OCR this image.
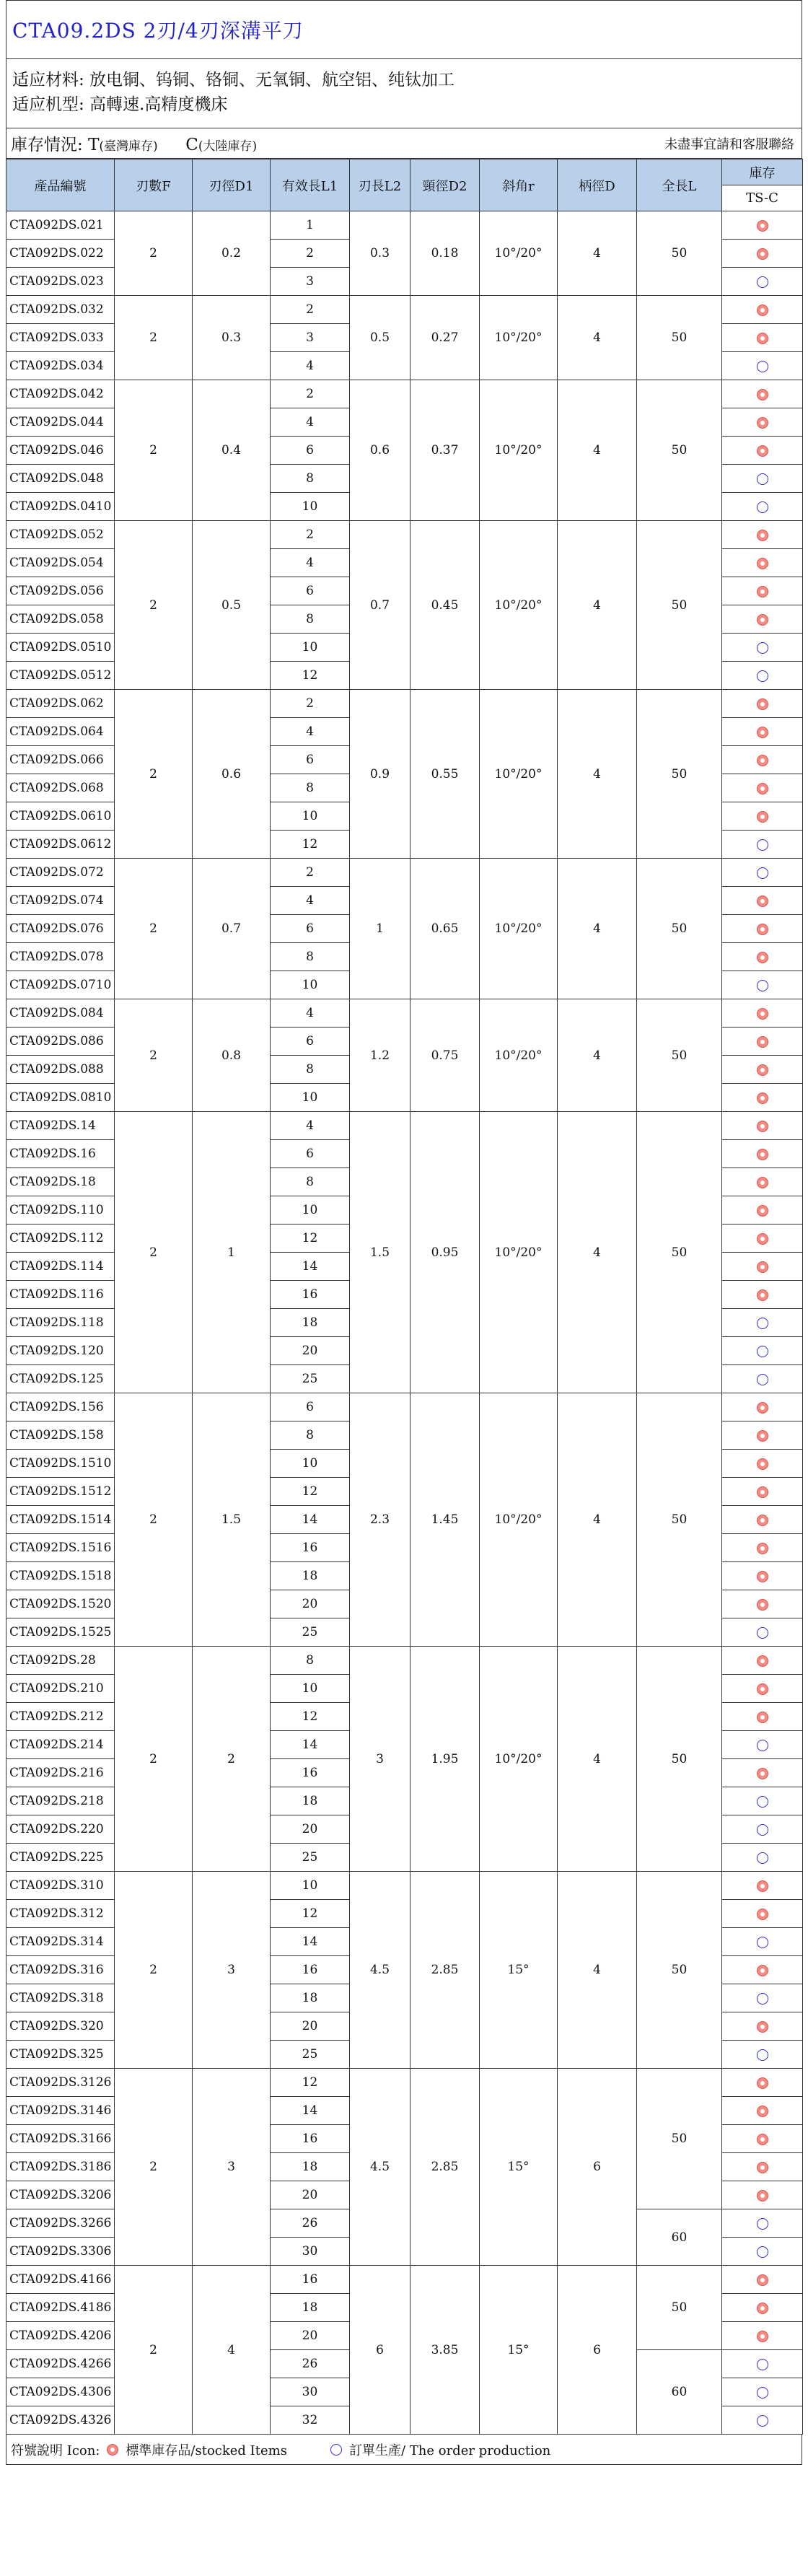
CTA09.2DS 2刃/4刃深溝平刀
适应材料: 放电铜、钨铜、铬铜、无氧铜、航空铝、纯钛加工
适应机型: 高轉速.高精度機床
庫存情況: T(臺灣庫存) C(大陸庫存)	未盡事宜請和客服聯絡
產品編號	刃數F	刃徑D1	有效長L1	刃長L2	頸徑D2	斜角r	柄徑D	全長L	庫存
									TS-C
CTA092DS.021	2	0.2	1	0.3	0.18	10°/20°	4	50	
CTA092DS.022			2						
CTA092DS.023			3						
CTA092DS.032	2	0.3	2	0.5	0.27	10°/20°	4	50	
CTA092DS.033			3						
CTA092DS.034			4						
CTA092DS.042	2	0.4	2	0.6	0.37	10°/20°	4	50	
CTA092DS.044			4						
CTA092DS.046			6						
CTA092DS.048			8						
CTA092DS.0410			10						
CTA092DS.052	2	0.5	2	0.7	0.45	10°/20°	4	50	
CTA092DS.054			4						
CTA092DS.056			6						
CTA092DS.058			8						
CTA092DS.0510			10						
CTA092DS.0512			12						
CTA092DS.062	2	0.6	2	0.9	0.55	10°/20°	4	50	
CTA092DS.064			4						
CTA092DS.066			6						
CTA092DS.068			8						
CTA092DS.0610			10						
CTA092DS.0612			12						
CTA092DS.072	2	0.7	2	1	0.65	10°/20°	4	50	
CTA092DS.074			4						
CTA092DS.076			6						
CTA092DS.078			8						
CTA092DS.0710			10						
CTA092DS.084	2	0.8	4	1.2	0.75	10°/20°	4	50	
CTA092DS.086			6						
CTA092DS.088			8						
CTA092DS.0810			10						
CTA092DS.14	2	1	4	1.5	0.95	10°/20°	4	50	
CTA092DS.16			6						
CTA092DS.18			8						
CTA092DS.110			10						
CTA092DS.112			12						
CTA092DS.114			14						
CTA092DS.116			16						
CTA092DS.118			18						
CTA092DS.120			20						
CTA092DS.125			25						
CTA092DS.156	2	1.5	6	2.3	1.45	10°/20°	4	50	
CTA092DS.158			8						
CTA092DS.1510			10						
CTA092DS.1512			12						
CTA092DS.1514			14						
CTA092DS.1516			16						
CTA092DS.1518			18						
CTA092DS.1520			20						
CTA092DS.1525			25						
CTA092DS.28	2	2	8	3	1.95	10°/20°	4	50	
CTA092DS.210			10						
CTA092DS.212			12						
CTA092DS.214			14						
CTA092DS.216			16						
CTA092DS.218			18						
CTA092DS.220			20						
CTA092DS.225			25						
CTA092DS.310	2	3	10	4.5	2.85	15°	4	50	
CTA092DS.312			12						
CTA092DS.314			14						
CTA092DS.316			16						
CTA092DS.318			18						
CTA092DS.320			20						
CTA092DS.325			25						
CTA092DS.3126	2	3	12	4.5	2.85	15°	6	50	
CTA092DS.3146			14						
CTA092DS.3166			16						
CTA092DS.3186			18						
CTA092DS.3206			20						
CTA092DS.3266			26					60	
CTA092DS.3306			30						
CTA092DS.4166	2	4	16	6	3.85	15°	6	50	
CTA092DS.4186			18						
CTA092DS.4206			20						
CTA092DS.4266			26					60	
CTA092DS.4306			30						
CTA092DS.4326			32						
符號說明 Icon: 標準庫存品/stocked Items	訂單生產/ The order production
